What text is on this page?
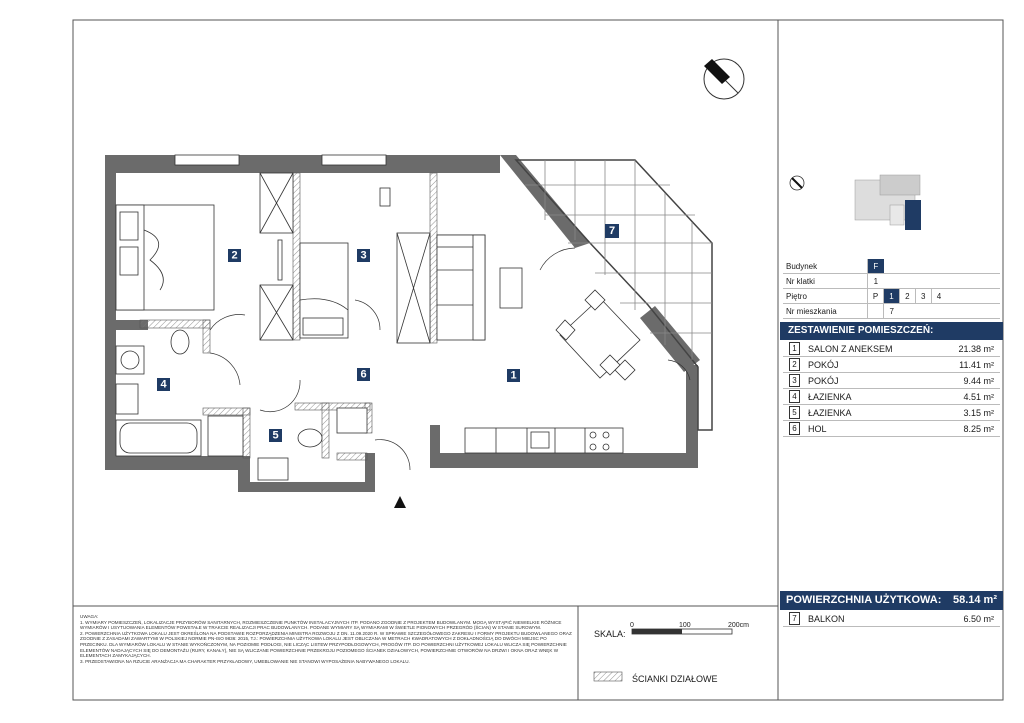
7
2	3
1
4
5
6
Budynek	F					
Nr klatki	1					
Piętro	P	1	2	3	4	
Nr mieszkania		7				
ZESTAWIENIE POMIESZCZEŃ:
1	SALON Z ANEKSEM	21.38 m²
2	POKÓJ	11.41 m²
3	POKÓJ	9.44 m²
4	ŁAZIENKA	4.51 m²
5	ŁAZIENKA	3.15 m²
6	HOL	8.25 m²
POWIERZCHNIA UŻYTKOWA: 58.14 m²
7	BALKON	6.50 m²
UWAGA:
1. WYMIARY POMIESZCZEŃ, LOKALIZACJE PRZYBORÓW SANITARNYCH, ROZMIESZCZENIE PUNKTÓW INSTALACYJNYCH ITP. PODANO ZGODNIE Z PROJEKTEM BUDOWLANYM. MOGĄ WYSTĄPIĆ NIEWIELKIE RÓŻNICE WYMIARÓW I USYTUOWANIA ELEMENTÓW POWSTAŁE W TRAKCIE REALIZACJI PRAC BUDOWLANYCH. PODANE WYMIARY SĄ WYMIARAMI W ŚWIETLE PIONOWYCH PRZEGRÓD (ŚCIAN) W STANIE SUROWYM.
2. POWIERZCHNIA UŻYTKOWA LOKALU JEST OKREŚLONA NA PODSTAWIE ROZPORZĄDZENIA MINISTRA ROZWOJU Z DN. 11.09.2020 R. W SPRAWIE SZCZEGÓŁOWEGO ZAKRESU I FORMY PROJEKTU BUDOWLANEGO ORAZ ZGODNIE Z ZASADAMI ZAWARTYMI W POLSKIEJ NORMIE PN-ISO 9836: 2015, TJ.: POWIERZCHNIA UŻYTKOWA LOKALU JEST OBLICZANA W METRACH KWADRATOWYCH Z DOKŁADNOŚCIĄ DO DWÓCH MIEJSC PO PRZECINKU. DLA WYMIARÓW LOKALU W STANIE WYKOŃCZONYM, NA POZIOMIE PODŁOGI, NIE LICZĄC LISTEW PRZYPODŁOGOWYCH, PROGÓW ITP. DO POWIERZCHNI UŻYTKOWEJ LOKALU WLICZA SIĘ POWIERZCHNIE ELEMENTÓW NADAJĄCYCH SIĘ DO DEMONTAŻU (RURY, KANAŁY), NIE SĄ WLICZANE POWIERZCHNIE PRZEKROJU POZIOMEGO ŚCIANEK DZIAŁOWYCH, POWIERZCHNIE OTWORÓW NA DRZWI I OKNA ORAZ WNĘK W ELEMENTACH ZAMYKAJĄCYCH.
3. PRZEDSTAWIONA NA RZUCIE ARANŻACJA MA CHARAKTER PRZYKŁADOWY, UMEBLOWANIE NIE STANOWI WYPOSAŻENIA NABYWANEGO LOKALU.
SKALA:
0	100	200cm
ŚCIANKI DZIAŁOWE
